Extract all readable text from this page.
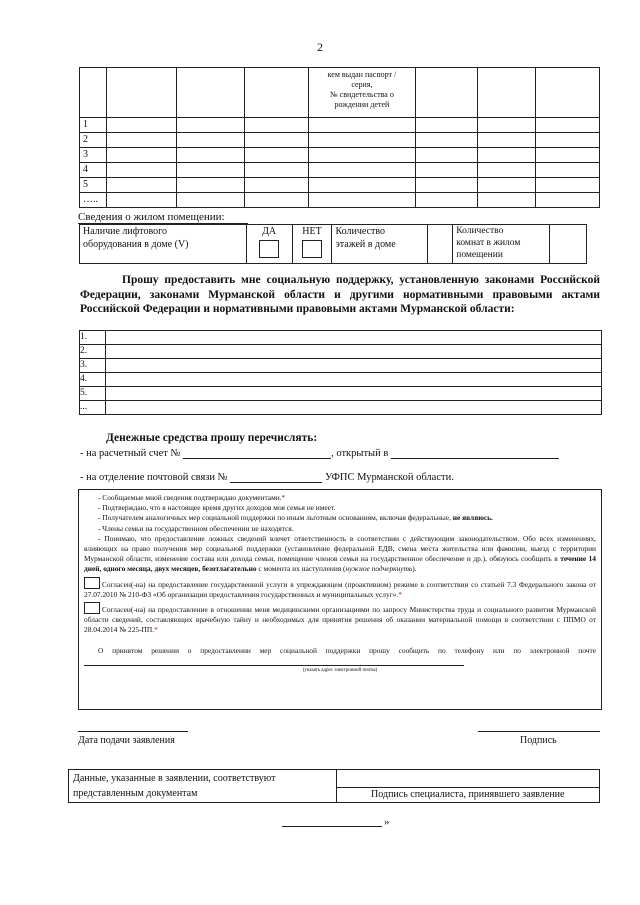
2

				кем выдан паспорт /
серия,
№ свидетельства о
рождении детей			

1							
2							
3							
4							
5							
…..							
Сведения о жилом помещении:
Наличие лифтового
оборудования в доме (V)

ДА	НЕТ	Количество
этажей в доме

Количество
комнат в жилом
помещении

Прошу предоставить мне социальную поддержку, установленную законами Российской Федерации, законами Мурманской области и другими нормативными правовыми актами Российской Федерации и нормативными правовыми актами Мурманской области:
1.	
2.	
3.	
4.	
5.	
...	
Денежные средства прошу перечислять:
- на расчетный счет №	, открытый в
- на отделение почтовой связи №	УФПС Мурманской области.

- Сообщаемые мной сведения подтверждаю документами.*

- Подтверждаю, что в настоящее время других доходов моя семья не имеет.

- Получателем аналогичных мер социальной поддержки по иным льготным основаниям, включая федеральные, не являюсь.

- Члены семьи на государственном обеспечении не находятся.

- Понимаю, что предоставление ложных сведений влечет ответственность в соответствии с действующим законодательством. Обо всех изменениях, влияющих на право получения мер социальной поддержки (установление федеральной ЕДВ, смена места жительства или фамилии, выезд с территории Мурманской области, изменение состава или дохода семьи, помещение членов семьи на государственное обеспечение и др.), обязуюсь сообщить в течение 14 дней, одного месяца, двух месяцев, безотлагательно с момента их наступления (нужное подчеркнуть).

Согласен(-на) на предоставление государственной услуги в упреждающем (проактивном) режиме в соответствии со статьей 7.3 Федерального закона от 27.07.2010 № 210-ФЗ «Об организации предоставления государственных и муниципальных услуг».*

Согласен(-на) на предоставление в отношении меня медицинскими организациями по запросу Министерства труда и социального развития Мурманской области сведений, составляющих врачебную тайну и необходимых для принятия решения об оказании материальной помощи в соответствии с ППМО от 28.04.2014 № 225-ПП.*

О принятом решении о предоставлении мер социальной поддержки прошу сообщить по телефону или по электронной почте

(указать адрес электронной почты)

Дата подачи заявления	Подпись
Данные, указанные в заявлении, соответствуют	
представленным документам	Подпись специалиста, принявшего заявление
»
